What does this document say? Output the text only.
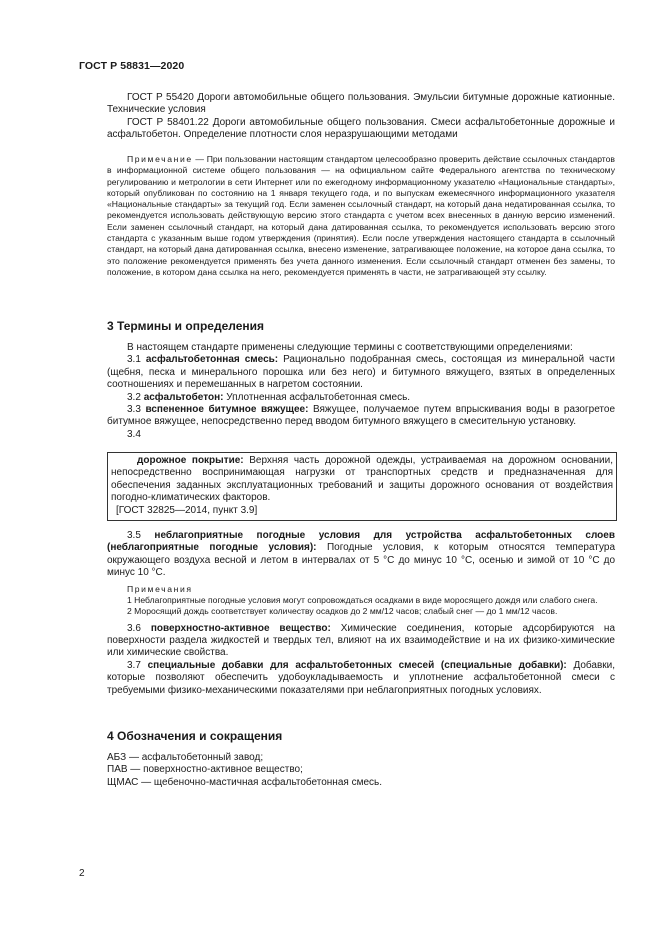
ГОСТ Р 58831—2020

ГОСТ Р 55420 Дороги автомобильные общего пользования. Эмульсии битумные дорожные катионные. Технические условия

ГОСТ Р 58401.22 Дороги автомобильные общего пользования. Смеси асфальтобетонные дорожные и асфальтобетон. Определение плотности слоя неразрушающими методами

Примечание — При пользовании настоящим стандартом целесообразно проверить действие ссылочных стандартов в информационной системе общего пользования — на официальном сайте Федерального агентства по техническому регулированию и метрологии в сети Интернет или по ежегодному информационному указателю «Национальные стандарты», который опубликован по состоянию на 1 января текущего года, и по выпускам ежемесячного информационного указателя «Национальные стандарты» за текущий год. Если заменен ссылочный стандарт, на который дана недатированная ссылка, то рекомендуется использовать действующую версию этого стандарта с учетом всех внесенных в данную версию изменений. Если заменен ссылочный стандарт, на который дана датированная ссылка, то рекомендуется использовать версию этого стандарта с указанным выше годом утверждения (принятия). Если после утверждения настоящего стандарта в ссылочный стандарт, на который дана датированная ссылка, внесено изменение, затрагивающее положение, на которое дана ссылка, то это положение рекомендуется применять без учета данного изменения. Если ссылочный стандарт отменен без замены, то положение, в котором дана ссылка на него, рекомендуется применять в части, не затрагивающей эту ссылку.

3 Термины и определения

В настоящем стандарте применены следующие термины с соответствующими определениями:

3.1 асфальтобетонная смесь: Рационально подобранная смесь, состоящая из минеральной части (щебня, песка и минерального порошка или без него) и битумного вяжущего, взятых в определенных соотношениях и перемешанных в нагретом состоянии.

3.2 асфальтобетон: Уплотненная асфальтобетонная смесь.

3.3 вспененное битумное вяжущее: Вяжущее, получаемое путем впрыскивания воды в разогретое битумное вяжущее, непосредственно перед вводом битумного вяжущего в смесительную установку.

3.4

дорожное покрытие: Верхняя часть дорожной одежды, устраиваемая на дорожном основании, непосредственно воспринимающая нагрузки от транспортных средств и предназначенная для обеспечения заданных эксплуатационных требований и защиты дорожного основания от воздействия погодно-климатических факторов.

[ГОСТ 32825—2014, пункт 3.9]

3.5 неблагоприятные погодные условия для устройства асфальтобетонных слоев (неблагоприятные погодные условия): Погодные условия, к которым относятся температура окружающего воздуха весной и летом в интервалах от 5 °С до минус 10 °С, осенью и зимой от 10 °С до минус 10 °С.

Примечания

1 Неблагоприятные погодные условия могут сопровождаться осадками в виде моросящего дождя или слабого снега.

2 Моросящий дождь соответствует количеству осадков до 2 мм/12 часов; слабый снег — до 1 мм/12 часов.

3.6 поверхностно-активное вещество: Химические соединения, которые адсорбируются на поверхности раздела жидкостей и твердых тел, влияют на их взаимодействие и на их физико-химические или химические свойства.

3.7 специальные добавки для асфальтобетонных смесей (специальные добавки): Добавки, которые позволяют обеспечить удобоукладываемость и уплотнение асфальтобетонной смеси с требуемыми физико-механическими показателями при неблагоприятных погодных условиях.

4 Обозначения и сокращения

АБЗ — асфальтобетонный завод;

ПАВ — поверхностно-активное вещество;

ЩМАС — щебеночно-мастичная асфальтобетонная смесь.

2
